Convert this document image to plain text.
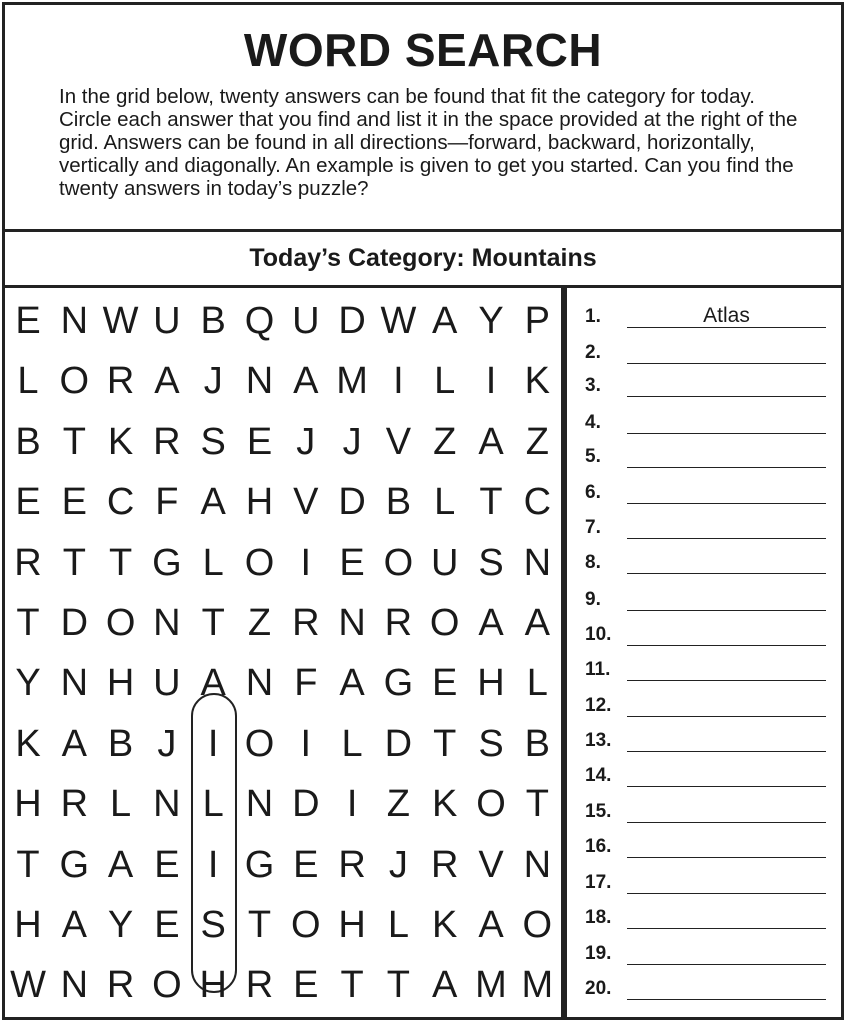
WORD SEARCH
In the grid below, twenty answers can be found that fit the category for today. Circle each answer that you find and list it in the space provided at the right of the grid. Answers can be found in all directions—forward, backward, horizontally, vertically and diagonally. An example is given to get you started. Can you find the twenty answers in today’s puzzle?
Today’s Category: Mountains
E N W U B Q U D W A Y P
L O R A J N A M I L I K
B T K R S E J J V Z A Z
E E C F A H V D B L T C
R T T G L O I E O U S N
T D O N T Z R N R O A A
Y N H U A N F A G E H L
K A B J I O I L D T S B
H R L N L N D I Z K O T
T G A E I G E R J R V N
H A Y E S T O H L K A O
W N R O H R E T T A M M
1.	Atlas
2.
3.
4.
5.
6.
7.
8.
9.
10.
11.
12.
13.
14.
15.
16.
17.
18.
19.
20.
